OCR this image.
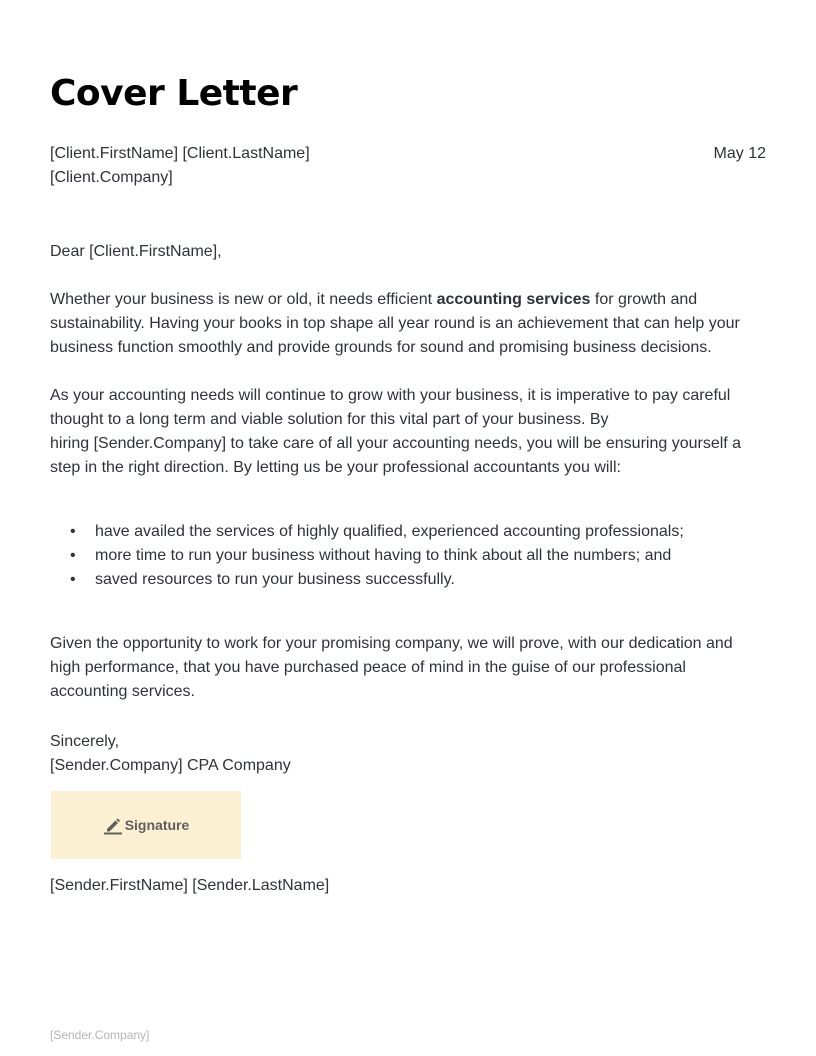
Cover Letter
[Client.FirstName] [Client.LastName]
[Client.Company]
May 12
Dear [Client.FirstName],

Whether your business is new or old, it needs efficient accounting services for growth and sustainability. Having your books in top shape all year round is an achievement that can help your business function smoothly and provide grounds for sound and promising business decisions.

As your accounting needs will continue to grow with your business, it is imperative to pay careful
thought to a long term and viable solution for this vital part of your business. By
hiring [Sender.Company] to take care of all your accounting needs, you will be ensuring yourself a
step in the right direction. By letting us be your professional accountants you will:
• have availed the services of highly qualified, experienced accounting professionals;
• more time to run your business without having to think about all the numbers; and
• saved resources to run your business successfully.

Given the opportunity to work for your promising company, we will prove, with our dedication and high performance, that you have purchased peace of mind in the guise of our professional accounting services.

Sincerely,
[Sender.Company] CPA Company
Signature
[Sender.FirstName] [Sender.LastName]
[Sender.Company]
